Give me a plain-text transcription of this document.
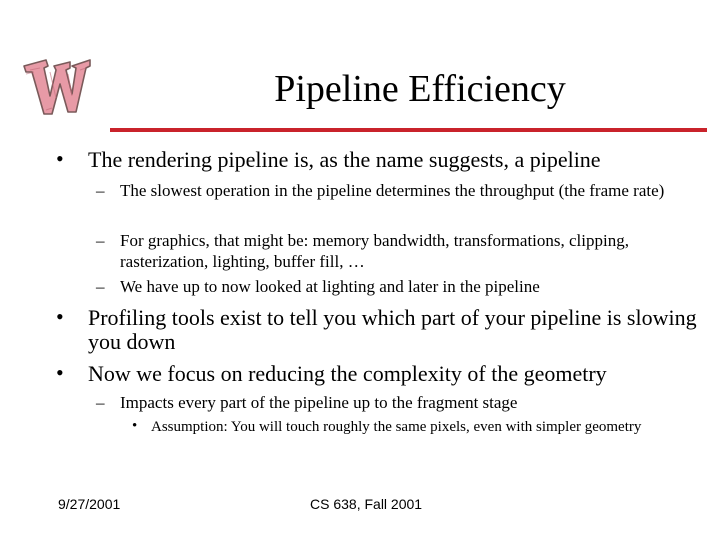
Pipeline Efficiency
• The rendering pipeline is, as the name suggests, a pipeline
– The slowest operation in the pipeline determines the throughput (the frame rate)
– For graphics, that might be: memory bandwidth, transformations, clipping, rasterization, lighting, buffer fill, …
– We have up to now looked at lighting and later in the pipeline
• Profiling tools exist to tell you which part of your pipeline is slowing you down
• Now we focus on reducing the complexity of the geometry
– Impacts every part of the pipeline up to the fragment stage
• Assumption: You will touch roughly the same pixels, even with simpler geometry
9/27/2001	CS 638, Fall 2001
